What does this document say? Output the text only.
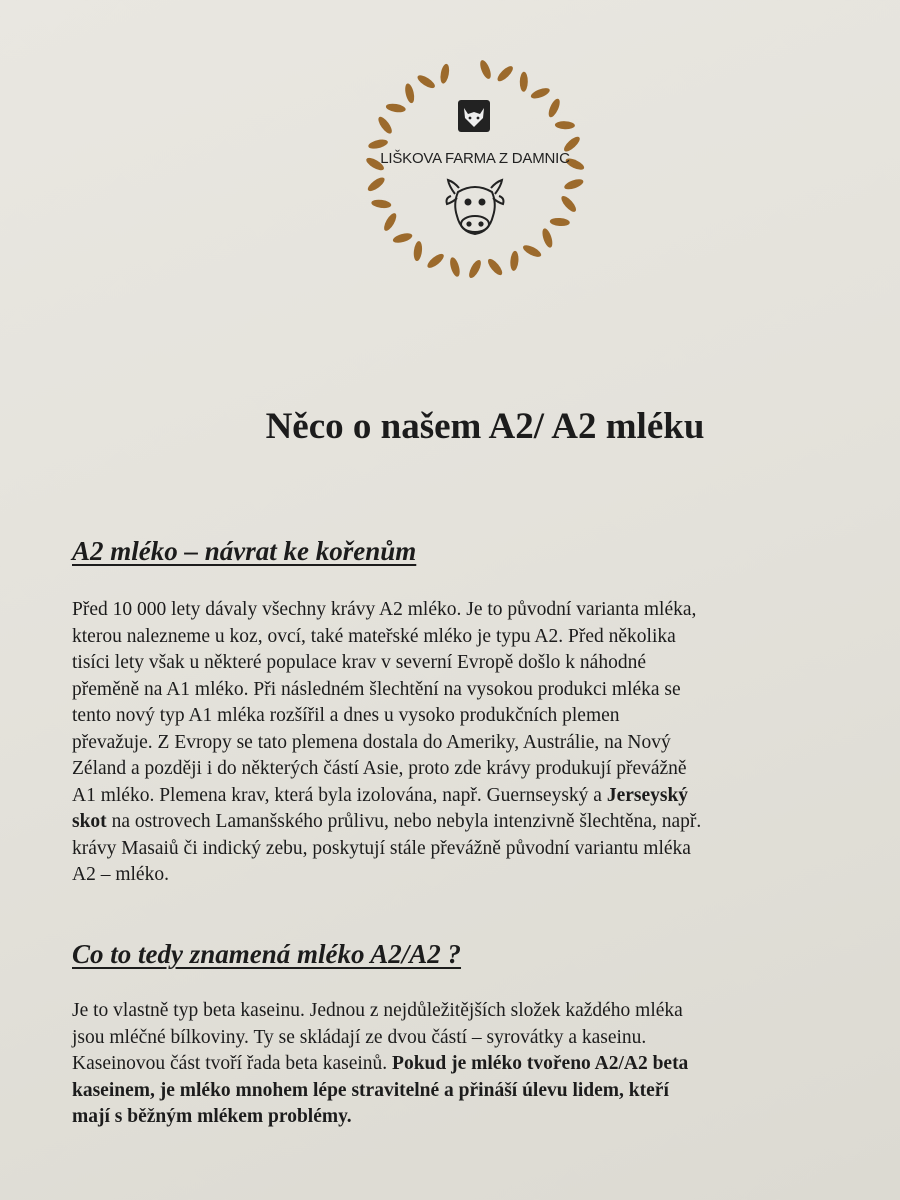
LIŠKOVA FARMA Z DAMNIC
Něco o našem A2/ A2 mléku
A2 mléko – návrat ke kořenům

Před 10 000 lety dávaly všechny krávy A2 mléko. Je to původní varianta mléka,
kterou nalezneme u koz, ovcí, také mateřské mléko je typu A2. Před několika
tisíci lety však u některé populace krav v severní Evropě došlo k náhodné
přeměně na A1 mléko. Při následném šlechtění na vysokou produkci mléka se
tento nový typ A1 mléka rozšířil a dnes u vysoko produkčních plemen
převažuje. Z Evropy se tato plemena dostala do Ameriky, Austrálie, na Nový
Zéland a později i do některých částí Asie, proto zde krávy produkují převážně
A1 mléko. Plemena krav, která byla izolována, např. Guernseyský a Jerseyský
skot na ostrovech Lamanšského průlivu, nebo nebyla intenzivně šlechtěna, např.
krávy Masaiů či indický zebu, poskytují stále převážně původní variantu mléka
A2 – mléko.

Co to tedy znamená mléko A2/A2 ?

Je to vlastně typ beta kaseinu. Jednou z nejdůležitějších složek každého mléka
jsou mléčné bílkoviny. Ty se skládají ze dvou částí – syrovátky a kaseinu.
Kaseinovou část tvoří řada beta kaseinů. Pokud je mléko tvořeno A2/A2 beta
kaseinem, je mléko mnohem lépe stravitelné a přináší úlevu lidem, kteří
mají s běžným mlékem problémy.
